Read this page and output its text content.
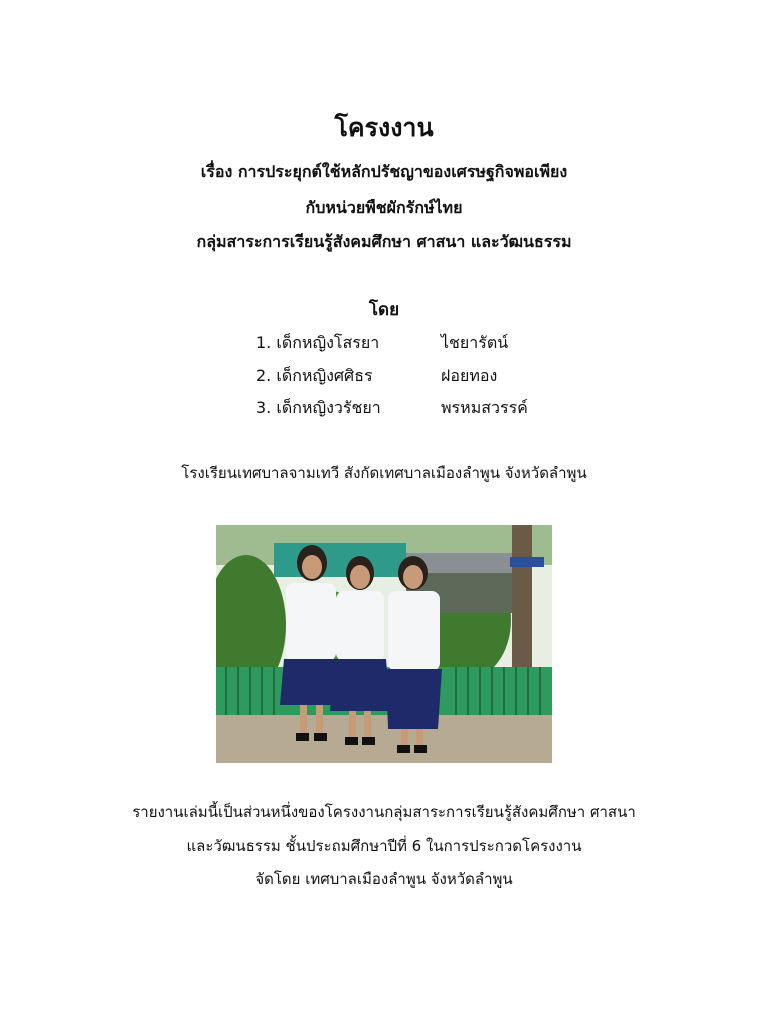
โครงงาน
เรื่อง การประยุกต์ใช้หลักปรัชญาของเศรษฐกิจพอเพียง
กับหน่วยพืชผักรักษ์ไทย
กลุ่มสาระการเรียนรู้สังคมศึกษา ศาสนา และวัฒนธรรม
โดย
1. เด็กหญิงโสรยา	ไชยารัตน์
2. เด็กหญิงศศิธร	ฝอยทอง
3. เด็กหญิงวรัชยา	พรหมสวรรค์
โรงเรียนเทศบาลจามเทวี สังกัดเทศบาลเมืองลำพูน จังหวัดลำพูน
รายงานเล่มนี้เป็นส่วนหนึ่งของโครงงานกลุ่มสาระการเรียนรู้สังคมศึกษา ศาสนา
และวัฒนธรรม ชั้นประถมศึกษาปีที่ 6 ในการประกวดโครงงาน
จัดโดย เทศบาลเมืองลำพูน จังหวัดลำพูน
